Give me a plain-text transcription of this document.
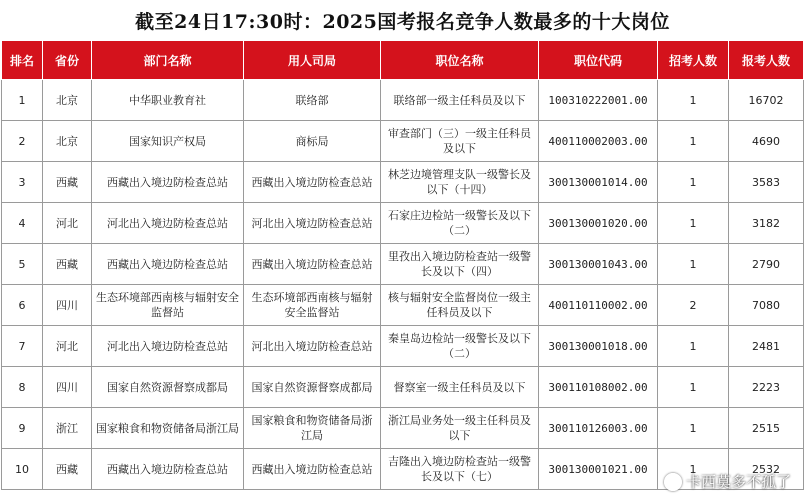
截至24日17:30时：2025国考报名竞争人数最多的十大岗位
排名	省份	部门名称	用人司局	职位名称	职位代码	招考人数	报考人数
1	北京	中华职业教育社	联络部	联络部一级主任科员及以下	100310222001.00	1	16702
2	北京	国家知识产权局	商标局	审查部门（三）一级主任科员及以下	400110002003.00	1	4690
3	西藏	西藏出入境边防检查总站	西藏出入境边防检查总站	林芝边境管理支队一级警长及以下（十四）	300130001014.00	1	3583
4	河北	河北出入境边防检查总站	河北出入境边防检查总站	石家庄边检站一级警长及以下（二）	300130001020.00	1	3182
5	西藏	西藏出入境边防检查总站	西藏出入境边防检查总站	里孜出入境边防检查站一级警长及以下（四）	300130001043.00	1	2790
6	四川	生态环境部西南核与辐射安全监督站	生态环境部西南核与辐射安全监督站	核与辐射安全监督岗位一级主任科员及以下	400110110002.00	2	7080
7	河北	河北出入境边防检查总站	河北出入境边防检查总站	秦皇岛边检站一级警长及以下（二）	300130001018.00	1	2481
8	四川	国家自然资源督察成都局	国家自然资源督察成都局	督察室一级主任科员及以下	300110108002.00	1	2223
9	浙江	国家粮食和物资储备局浙江局	国家粮食和物资储备局浙江局	浙江局业务处一级主任科员及以下	300110126003.00	1	2515
10	西藏	西藏出入境边防检查总站	西藏出入境边防检查总站	吉隆出入境边防检查站一级警长及以下（七）	300130001021.00	1	2532
卡西莫多不孤了
